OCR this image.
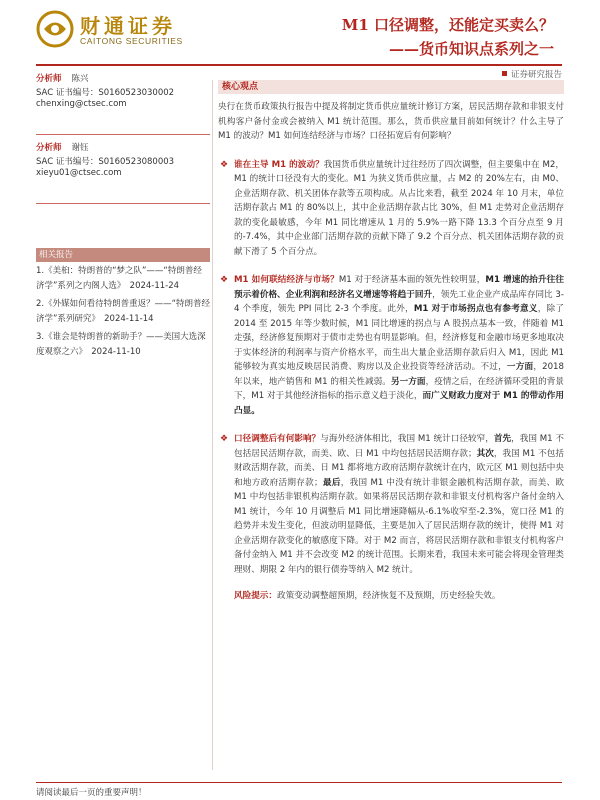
财通证券
CAITONG SECURITIES
M1 口径调整，还能定买卖么？
——货币知识点系列之一
证券研究报告
分析师 陈兴
SAC 证书编号：S0160523030002
chenxing@ctsec.com
分析师 谢钰
SAC 证书编号：S0160523080003
xieyu01@ctsec.com
相关报告
1.《美桕：特朗普的“梦之队”——“特朗普经济学”系列之内阁人选》　2024-11-24
2.《外媒如何看待特朗普重返？——“特朗普经济学”系列研究》　2024-11-14
3.《谁会是特朗普的新助手？——美国大选深度观察之六》　2024-11-10
核心观点
央行在货币政策执行报告中提及将制定货币供应量统计修订方案，居民活期存款和非银支付机构客户备付金或会被纳入 M1 统计范围。那么，货币供应量目前如何统计？什么主导了 M1 的波动？M1 如何连结经济与市场？口径拓宽后有何影响？
❖ 谁在主导 M1 的波动？我国货币供应量统计过往经历了四次调整，但主要集中在 M2，M1 的统计口径没有大的变化。M1 为狭义货币供应量，占 M2 的 20%左右，由 M0、企业活期存款、机关团体存款等五项构成。从占比来看，截至 2024 年 10 月末，单位活期存款占 M1 的 80%以上，其中企业活期存款占比 30%，但 M1 走势对企业活期存款的变化最敏感，今年 M1 同比增速从 1 月的 5.9%一路下降 13.3 个百分点至 9 月的-7.4%，其中企业部门活期存款的贡献下降了 9.2 个百分点、机关团体活期存款的贡献下滑了 5 个百分点。
❖ M1 如何联结经济与市场？M1 对于经济基本面的领先性较明显，M1 增速的抬升往往预示着价格、企业利润和经济名义增速等将趋于回升，领先工业企业产成品库存同比 3-4 个季度，领先 PPI 同比 2-3 个季度。此外，M1 对于市场拐点也有参考意义，除了 2014 至 2015 年等少数时候，M1 同比增速的拐点与 A 股拐点基本一致，伴随着 M1 走强，经济修复预期对于债市走势也有明显影响。但，经济修复和金融市场更多地取决于实体经济的利润率与资产价格水平，而生出大量企业活期存款后归入 M1，因此 M1 能够较为真实地反映居民消费、购房以及企业投资等经济活动。不过，一方面，2018 年以来，地产销售和 M1 的相关性减弱。另一方面，疫情之后，在经济循环受阻的背景下，M1 对于其他经济指标的指示意义趋于淡化，而广义财政力度对于 M1 的带动作用凸显。
❖ 口径调整后有何影响？与海外经济体相比，我国 M1 统计口径较窄，首先，我国 M1 不包括居民活期存款，而美、欧、日 M1 中均包括居民活期存款；其次，我国 M1 不包括财政活期存款，而美、日 M1 都将地方政府活期存款统计在内，欧元区 M1 则包括中央和地方政府活期存款；最后，我国 M1 中没有统计非银金融机构活期存款，而美、欧 M1 中均包括非银机构活期存款。如果将居民活期存款和非银支付机构客户备付金纳入 M1 统计，今年 10 月调整后 M1 同比增速降幅从-6.1%收窄至-2.3%，宽口径 M1 的趋势并未发生变化，但波动明显降低，主要是加入了居民活期存款的统计，使得 M1 对企业活期存款变化的敏感度下降。对于 M2 而言，将居民活期存款和非银支付机构客户备付金纳入 M1 并不会改变 M2 的统计范围。长期来看，我国未来可能会将现金管理类理财、期限 2 年内的银行债券等纳入 M2 统计。
风险提示：政策变动调整超预期，经济恢复不及预期，历史经验失效。
请阅读最后一页的重要声明！
